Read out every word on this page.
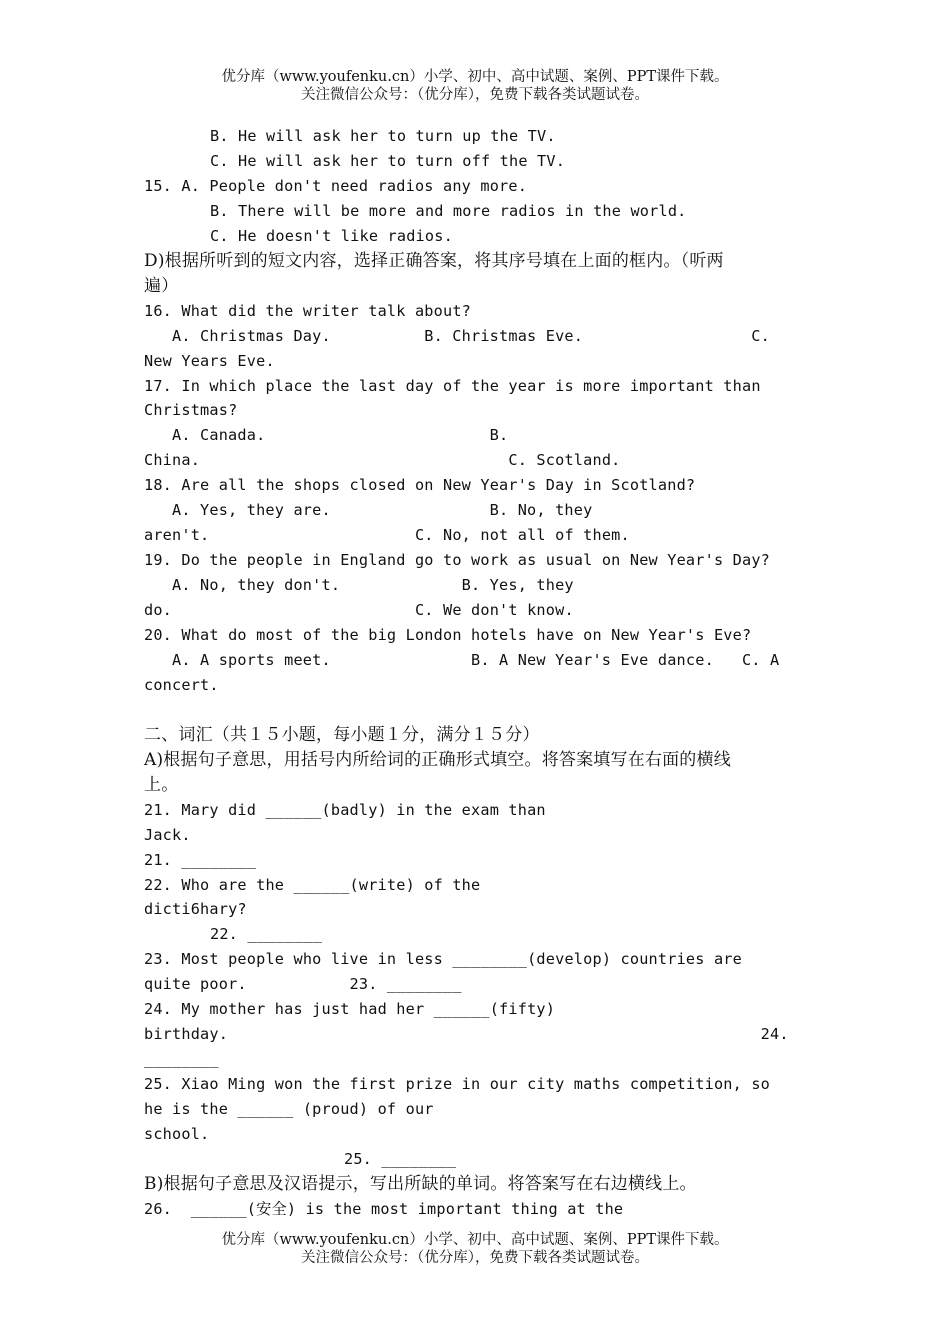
优分库（www.youfenku.cn）小学、初中、高中试题、案例、PPT课件下载。
关注微信公众号：（优分库），免费下载各类试题试卷。
B. He will ask her to turn up the TV.
C. He will ask her to turn off the TV.
15. A. People don't need radios any more.
B. There will be more and more radios in the world.
C. He doesn't like radios.
D)根据所听到的短文内容，选择正确答案，将其序号填在上面的框内。（听两
遍）
16. What did the writer talk about?
A. Christmas Day.          B. Christmas Eve.                  C.
New Years Eve.
17. In which place the last day of the year is more important than
Christmas?
A. Canada.                        B.
China.                                 C. Scotland.
18. Are all the shops closed on New Year's Day in Scotland?
A. Yes, they are.                 B. No, they
aren't.                      C. No, not all of them.
19. Do the people in England go to work as usual on New Year's Day?
A. No, they don't.             B. Yes, they
do.                          C. We don't know.
20. What do most of the big London hotels have on New Year's Eve?
A. A sports meet.               B. A New Year's Eve dance.   C. A
concert.
二、词汇（共１５小题，每小题１分，满分１５分）
A)根据句子意思，用括号内所给词的正确形式填空。将答案填写在右面的横线
上。
21. Mary did ______(badly) in the exam than
Jack.
21. ________
22. Who are the ______(write) of the
dicti6hary?
22. ________
23. Most people who live in less ________(develop) countries are
quite poor.           23. ________
24. My mother has just had her ______(fifty)
birthday.                                                         24.
________
25. Xiao Ming won the first prize in our city maths competition, so
he is the ______ (proud) of our
school.
25. ________
B)根据句子意思及汉语提示，写出所缺的单词。将答案写在右边横线上。
26.  ______(安全) is the most important thing at the
优分库（www.youfenku.cn）小学、初中、高中试题、案例、PPT课件下载。
关注微信公众号：（优分库），免费下载各类试题试卷。
